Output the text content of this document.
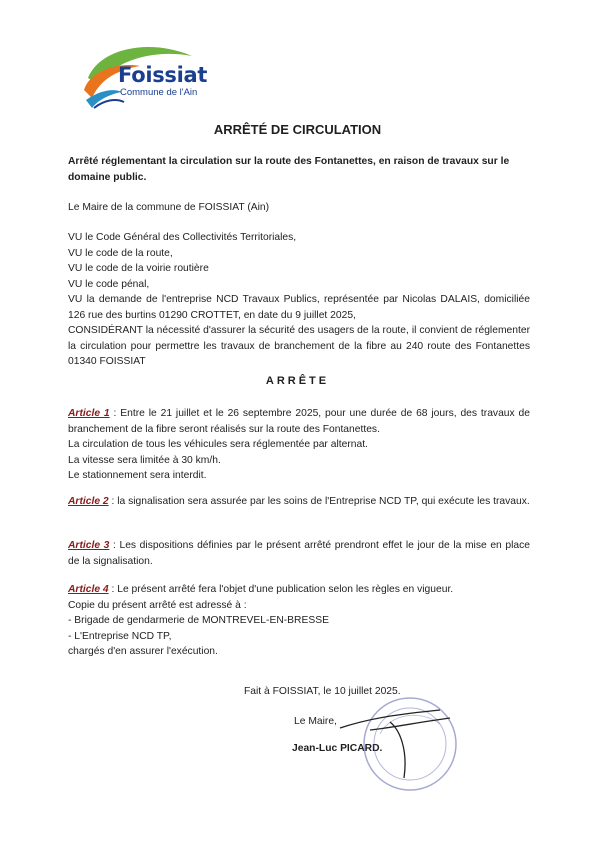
Foissiat
Commune de l'Ain
ARRÊTÉ DE CIRCULATION
Arrêté réglementant la circulation sur la route des Fontanettes, en raison de travaux sur le domaine public.
Le Maire de la commune de FOISSIAT (Ain)
VU le Code Général des Collectivités Territoriales,
VU le code de la route,
VU le code de la voirie routière
VU le code pénal,
VU la demande de l'entreprise NCD Travaux Publics, représentée par Nicolas DALAIS, domiciliée 126 rue des burtins 01290 CROTTET, en date du 9 juillet 2025,
CONSIDÉRANT la nécessité d'assurer la sécurité des usagers de la route, il convient de réglementer la circulation pour permettre les travaux de branchement de la fibre au 240 route des Fontanettes 01340 FOISSIAT
ARRÊTE
Article 1 : Entre le 21 juillet et le 26 septembre 2025, pour une durée de 68 jours, des travaux de branchement de la fibre seront réalisés sur la route des Fontanettes.
La circulation de tous les véhicules sera réglementée par alternat.
La vitesse sera limitée à 30 km/h.
Le stationnement sera interdit.
Article 2 : la signalisation sera assurée par les soins de l'Entreprise NCD TP, qui exécute les travaux.
Article 3 : Les dispositions définies par le présent arrêté prendront effet le jour de la mise en place de la signalisation.
Article 4 : Le présent arrêté fera l'objet d'une publication selon les règles en vigueur.
Copie du présent arrêté est adressé à :
- Brigade de gendarmerie de MONTREVEL-EN-BRESSE
- L'Entreprise NCD TP,
chargés d'en assurer l'exécution.
Fait à FOISSIAT, le 10 juillet 2025.
Le Maire,
Jean-Luc PICARD.
